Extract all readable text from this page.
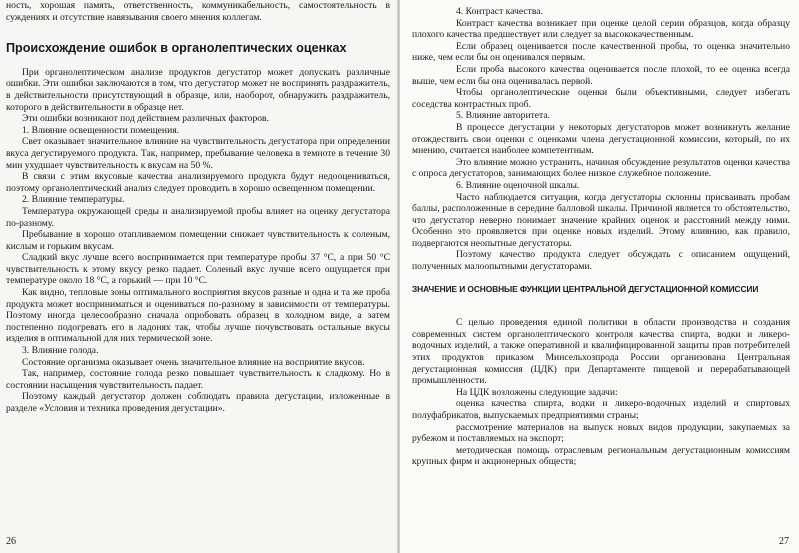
ность, хорошая память, ответственность, коммуникабельность, самостоятельность в суждениях и отсутствие навязывания своего мнения коллегам.

Происхождение ошибок в органолептических оценках

При органолептическом анализе продуктов дегустатор может допускать различные ошибки. Эти ошибки заключаются в том, что дегустатор может не воспринять раздражитель, в действительности присутствующий в образце, или, наоборот, обнаружить раздражитель, которого в действительности в образце нет.

Эти ошибки возникают под действием различных факторов.

1. Влияние освещенности помещения.

Свет оказывает значительное влияние на чувствительность дегустатора при определении вкуса дегустируемого продукта. Так, например, пребывание человека в темноте в течение 30 мин ухудшает чувствительность к вкусам на 50 %.

В связи с этим вкусовые качества анализируемого продукта будут недооцениваться, поэтому органолептический анализ следует проводить в хорошо освещенном помещении.

2. Влияние температуры.

Температура окружающей среды и анализируемой пробы влияет на оценку дегустатора по-разному.

Пребывание в хорошо отапливаемом помещении снижает чувствительность к соленым, кислым и горьким вкусам.

Сладкий вкус лучше всего воспринимается при температуре пробы 37 °С, а при 50 °С чувствительность к этому вкусу резко падает. Соленый вкус лучше всего ощущается при температуре около 18 °С, а горький — при 10 °С.

Как видно, тепловые зоны оптимального восприятия вкусов разные и одна и та же проба продукта может восприниматься и оцениваться по-разному в зависимости от температуры. Поэтому иногда целесообразно сначала опробовать образец в холодном виде, а затем постепенно подогревать его в ладонях так, чтобы лучше почувствовать остальные вкусы изделия в оптимальной для них термической зоне.

3. Влияние голода.

Состояние организма оказывает очень значительное влияние на восприятие вкусов.

Так, например, состояние голода резко повышает чувствительность к сладкому. Но в состоянии насыщения чувствительность падает.

Поэтому каждый дегустатор должен соблюдать правила дегустации, изложенные в разделе «Условия и техника проведения дегустации».

26

4. Контраст качества.

Контраст качества возникает при оценке целой серии образцов, когда образцу плохого качества предшествует или следует за высококачественным.

Если образец оценивается после качественной пробы, то оценка значительно ниже, чем если бы он оценивался первым.

Если проба высокого качества оценивается после плохой, то ее оценка всегда выше, чем если бы она оценивалась первой.

Чтобы органолептические оценки были объективными, следует избегать соседства контрастных проб.

5. Влияние авторитета.

В процессе дегустации у некоторых дегустаторов может возникнуть желание отождествить свои оценки с оценками члена дегустационной комиссии, который, по их мнению, считается наиболее компетентным.

Это влияние можно устранить, начиная обсуждение результатов оценки качества с опроса дегустаторов, занимающих более низкое служебное положение.

6. Влияние оценочной шкалы.

Часто наблюдается ситуация, когда дегустаторы склонны присваивать пробам баллы, расположенные в середине балловой шкалы. Причиной является то обстоятельство, что дегустатор неверно понимает значение крайних оценок и расстояний между ними. Особенно это проявляется при оценке новых изделий. Этому влиянию, как правило, подвергаются неопытные дегустаторы.

Поэтому качество продукта следует обсуждать с описанием ощущений, полученных малоопытными дегустаторами.

ЗНАЧЕНИЕ И ОСНОВНЫЕ ФУНКЦИИ ЦЕНТРАЛЬНОЙ ДЕГУСТАЦИОННОЙ КОМИССИИ

С целью проведения единой политики в области производства и создания современных систем органолептического контроля качества спирта, водки и ликеро-водочных изделий, а также оперативной и квалифицированной защиты прав потребителей этих продуктов приказом Минсельхозпрода России организована Центральная дегустационная комиссия (ЦДК) при Департаменте пищевой и перерабатывающей промышленности.

На ЦДК возложены следующие задачи:

оценка качества спирта, водки и ликеро-водочных изделий и спиртовых полуфабрикатов, выпускаемых предприятиями страны;

рассмотрение материалов на выпуск новых видов продукции, закупаемых за рубежом и поставляемых на экспорт;

методическая помощь отраслевым региональным дегустационным комиссиям крупных фирм и акционерных обществ;

27
